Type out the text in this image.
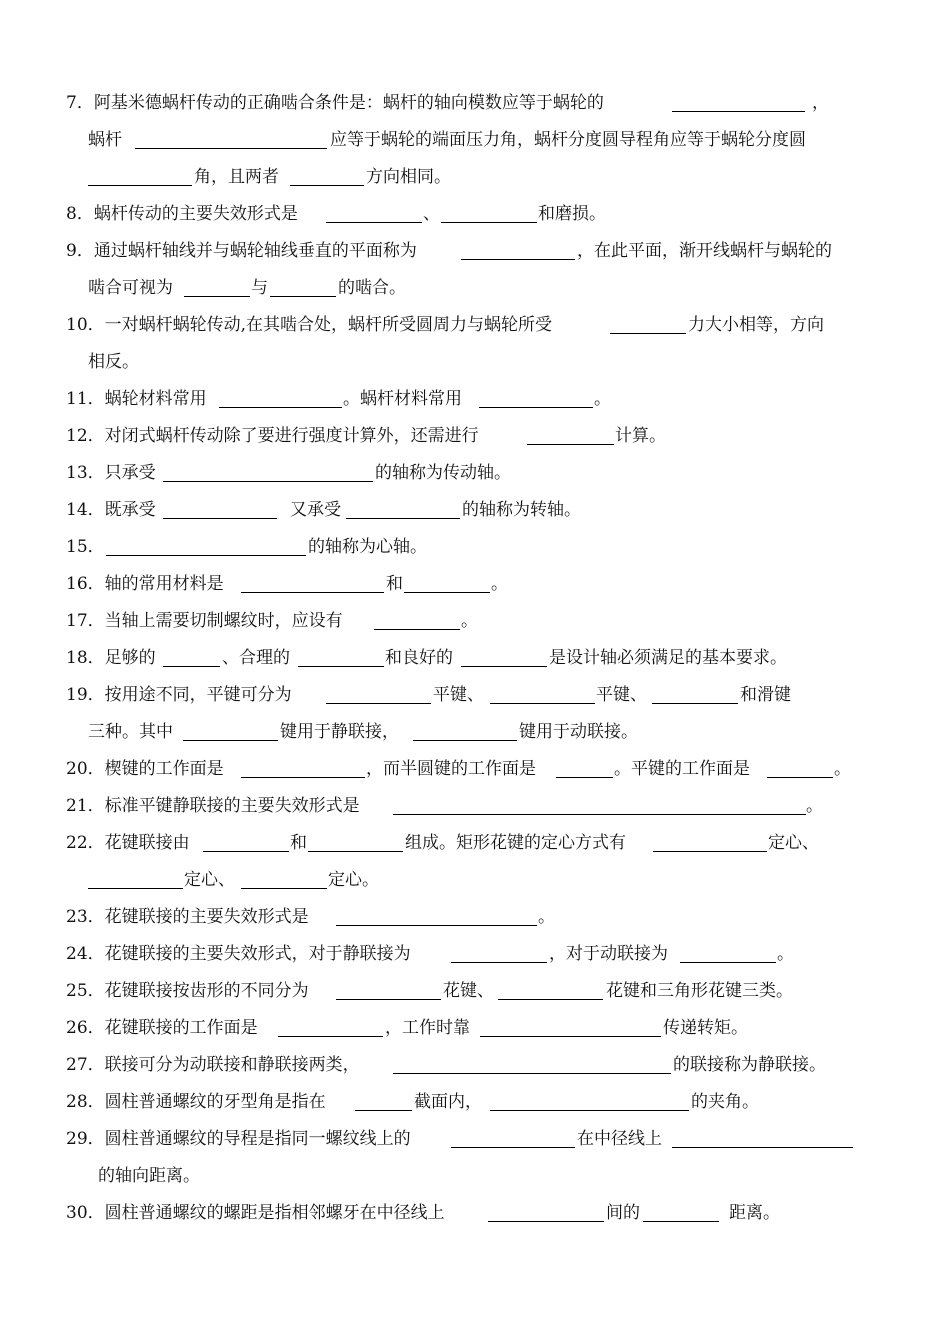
7．阿基米德蜗杆传动的正确啮合条件是：蜗杆的轴向模数应等于蜗轮的	，
蜗杆	应等于蜗轮的端面压力角，蜗杆分度圆导程角应等于蜗轮分度圆
角，且两者	方向相同。
8．蜗杆传动的主要失效形式是	、	和磨损。
9．通过蜗杆轴线并与蜗轮轴线垂直的平面称为	，在此平面，渐开线蜗杆与蜗轮的
啮合可视为	与	的啮合。
10．一对蜗杆蜗轮传动,在其啮合处，蜗杆所受圆周力与蜗轮所受	力大小相等，方向
相反。
11．蜗轮材料常用	。蜗杆材料常用	。
12．对闭式蜗杆传动除了要进行强度计算外，还需进行	计算。
13．只承受	的轴称为传动轴。
14．既承受	又承受	的轴称为转轴。
15．	的轴称为心轴。
16．轴的常用材料是	和	。
17．当轴上需要切制螺纹时，应设有	。
18．足够的	、合理的	和良好的	是设计轴必须满足的基本要求。
19．按用途不同，平键可分为	平键、	平键、	和滑键
三种。其中	键用于静联接，	键用于动联接。
20．楔键的工作面是	，而半圆键的工作面是	。平键的工作面是	。
21．标准平键静联接的主要失效形式是	。
22．花键联接由	和	组成。矩形花键的定心方式有	定心、
定心、	定心。
23．花键联接的主要失效形式是	。
24．花键联接的主要失效形式，对于静联接为	，对于动联接为	。
25．花键联接按齿形的不同分为	花键、	花键和三角形花键三类。
26．花键联接的工作面是	，工作时靠	传递转矩。
27．联接可分为动联接和静联接两类，	的联接称为静联接。
28．圆柱普通螺纹的牙型角是指在	截面内，	的夹角。
29．圆柱普通螺纹的导程是指同一螺纹线上的	在中径线上
的轴向距离。
30．圆柱普通螺纹的螺距是指相邻螺牙在中径线上	间的	距离。
